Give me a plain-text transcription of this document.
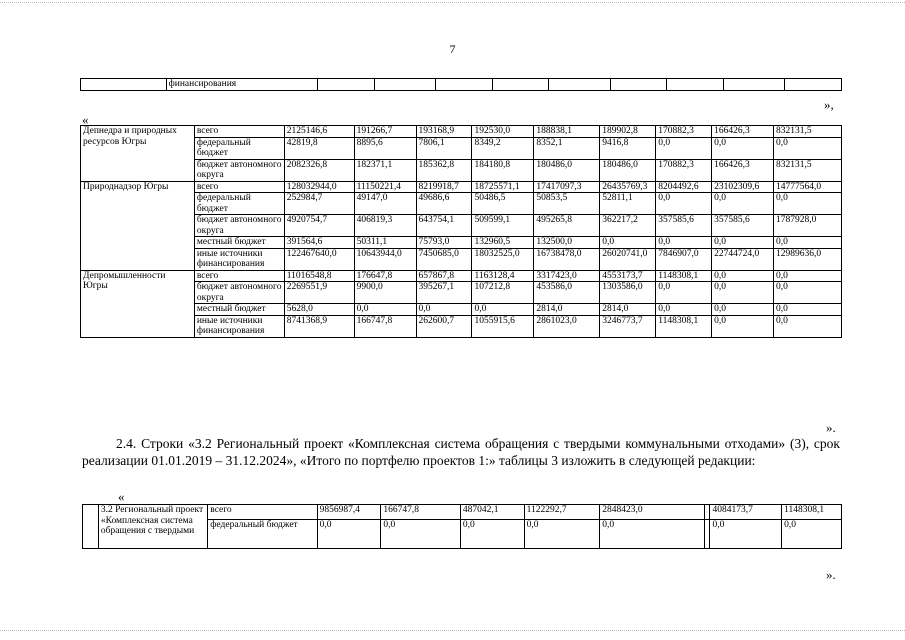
7
	финансирования									
»,
«
Депнедра и природных ресурсов Югры	всего	2125146,6	191266,7	193168,9	192530,0	188838,1	189902,8	170882,3	166426,3	832131,5
	федеральный бюджет	42819,8	8895,6	7806,1	8349,2	8352,1	9416,8	0,0	0,0	0,0
	бюджет автономного округа	2082326,8	182371,1	185362,8	184180,8	180486,0	180486,0	170882,3	166426,3	832131,5
Природнадзор Югры	всего	128032944,0	11150221,4	8219918,7	18725571,1	17417097,3	26435769,3	8204492,6	23102309,6	14777564,0
	федеральный бюджет	252984,7	49147,0	49686,6	50486,5	50853,5	52811,1	0,0	0,0	0,0
	бюджет автономного округа	4920754,7	406819,3	643754,1	509599,1	495265,8	362217,2	357585,6	357585,6	1787928,0
	местный бюджет	391564,6	50311,1	75793,0	132960,5	132500,0	0,0	0,0	0,0	0,0
	иные источники финансирования	122467640,0	10643944,0	7450685,0	18032525,0	16738478,0	26020741,0	7846907,0	22744724,0	12989636,0
Депромышленности Югры	всего	11016548,8	176647,8	657867,8	1163128,4	3317423,0	4553173,7	1148308,1	0,0	0,0
	бюджет автономного округа	2269551,9	9900,0	395267,1	107212,8	453586,0	1303586,0	0,0	0,0	0,0
	местный бюджет	5628,0	0,0	0,0	0,0	2814,0	2814,0	0,0	0,0	0,0
	иные источники финансирования	8741368,9	166747,8	262600,7	1055915,6	2861023,0	3246773,7	1148308,1	0,0	0,0
».
2.4. Строки «3.2 Региональный проект «Комплексная система обращения с твердыми коммунальными отходами» (3), срок реализации 01.01.2019 – 31.12.2024», «Итого по портфелю проектов 1:» таблицы 3 изложить в следующей редакции:
«
	3.2 Региональный проект «Комплексная система обращения с твердыми	всего	9856987,4	166747,8	487042,1	1122292,7	2848423,0		4084173,7	1148308,1
		федеральный бюджет	0,0	0,0	0,0	0,0	0,0		0,0	0,0
».
